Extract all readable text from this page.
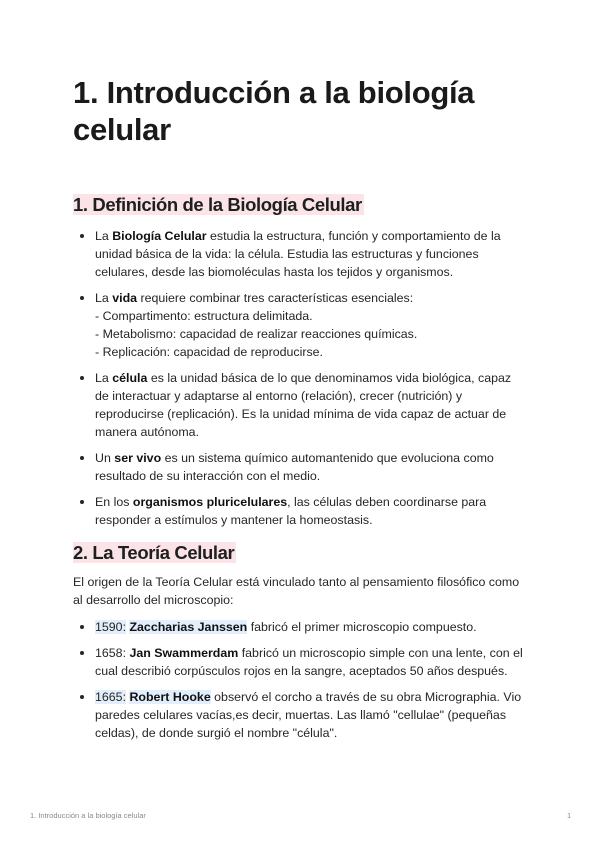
1. Introducción a la biología celular
1. Definición de la Biología Celular
La Biología Celular estudia la estructura, función y comportamiento de la unidad básica de la vida: la célula. Estudia las estructuras y funciones celulares, desde las biomoléculas hasta los tejidos y organismos.
La vida requiere combinar tres características esenciales:
- Compartimento: estructura delimitada.
- Metabolismo: capacidad de realizar reacciones químicas.
- Replicación: capacidad de reproducirse.
La célula es la unidad básica de lo que denominamos vida biológica, capaz de interactuar y adaptarse al entorno (relación), crecer (nutrición) y reproducirse (replicación). Es la unidad mínima de vida capaz de actuar de manera autónoma.
Un ser vivo es un sistema químico automantenido que evoluciona como resultado de su interacción con el medio.
En los organismos pluricelulares, las células deben coordinarse para responder a estímulos y mantener la homeostasis.
2. La Teoría Celular

El origen de la Teoría Celular está vinculado tanto al pensamiento filosófico como al desarrollo del microscopio:

1590: Zaccharias Janssen fabricó el primer microscopio compuesto.
1658: Jan Swammerdam fabricó un microscopio simple con una lente, con el cual describió corpúsculos rojos en la sangre, aceptados 50 años después.
1665: Robert Hooke observó el corcho a través de su obra Micrographia. Vio paredes celulares vacías,es decir, muertas. Las llamó "cellulae" (pequeñas celdas), de donde surgió el nombre "célula".
1. Introducción a la biología celular	1
